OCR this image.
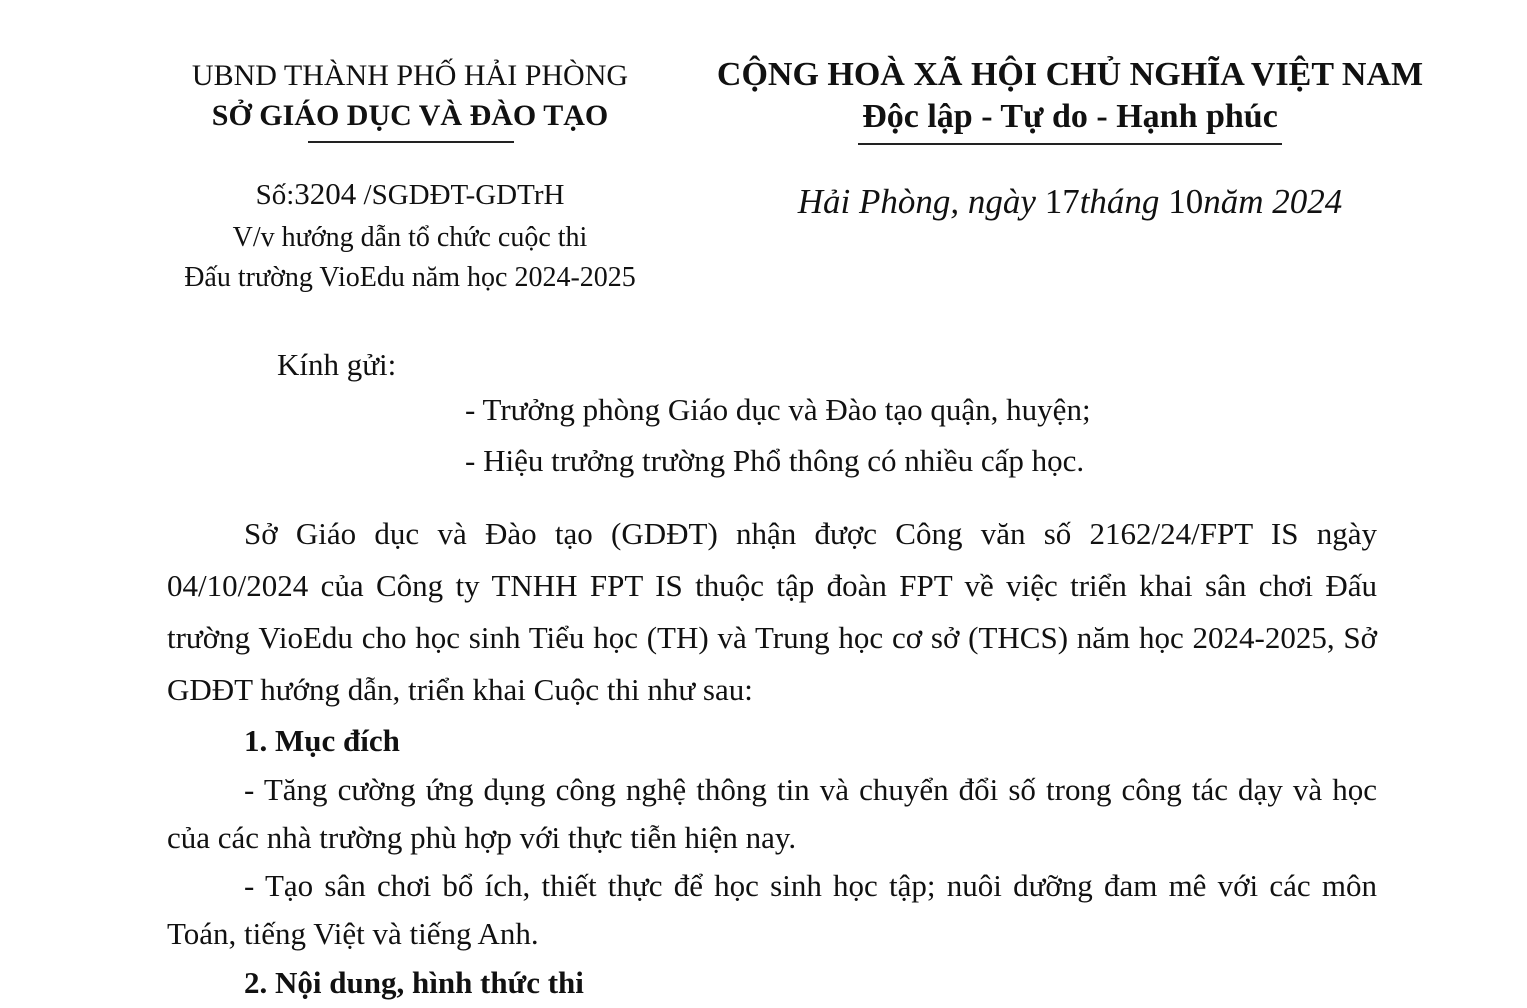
UBND THÀNH PHỐ HẢI PHÒNG
SỞ GIÁO DỤC VÀ ĐÀO TẠO
CỘNG HOÀ XÃ HỘI CHỦ NGHĨA VIỆT NAM
Độc lập - Tự do - Hạnh phúc
Số:3204 /SGDĐT-GDTrH
V/v hướng dẫn tổ chức cuộc thi
Đấu trường VioEdu năm học 2024-2025
Hải Phòng, ngày 17tháng 10năm 2024
Kính gửi:
- Trưởng phòng Giáo dục và Đào tạo quận, huyện;
- Hiệu trưởng trường Phổ thông có nhiều cấp học.

Sở Giáo dục và Đào tạo (GDĐT) nhận được Công văn số 2162/24/FPT IS ngày 04/10/2024 của Công ty TNHH FPT IS thuộc tập đoàn FPT về việc triển khai sân chơi Đấu trường VioEdu cho học sinh Tiểu học (TH) và Trung học cơ sở (THCS) năm học 2024-2025, Sở GDĐT hướng dẫn, triển khai Cuộc thi như sau:

1. Mục đích

- Tăng cường ứng dụng công nghệ thông tin và chuyển đổi số trong công tác dạy và học của các nhà trường phù hợp với thực tiễn hiện nay.

- Tạo sân chơi bổ ích, thiết thực để học sinh học tập; nuôi dưỡng đam mê với các môn Toán, tiếng Việt và tiếng Anh.

2. Nội dung, hình thức thi
